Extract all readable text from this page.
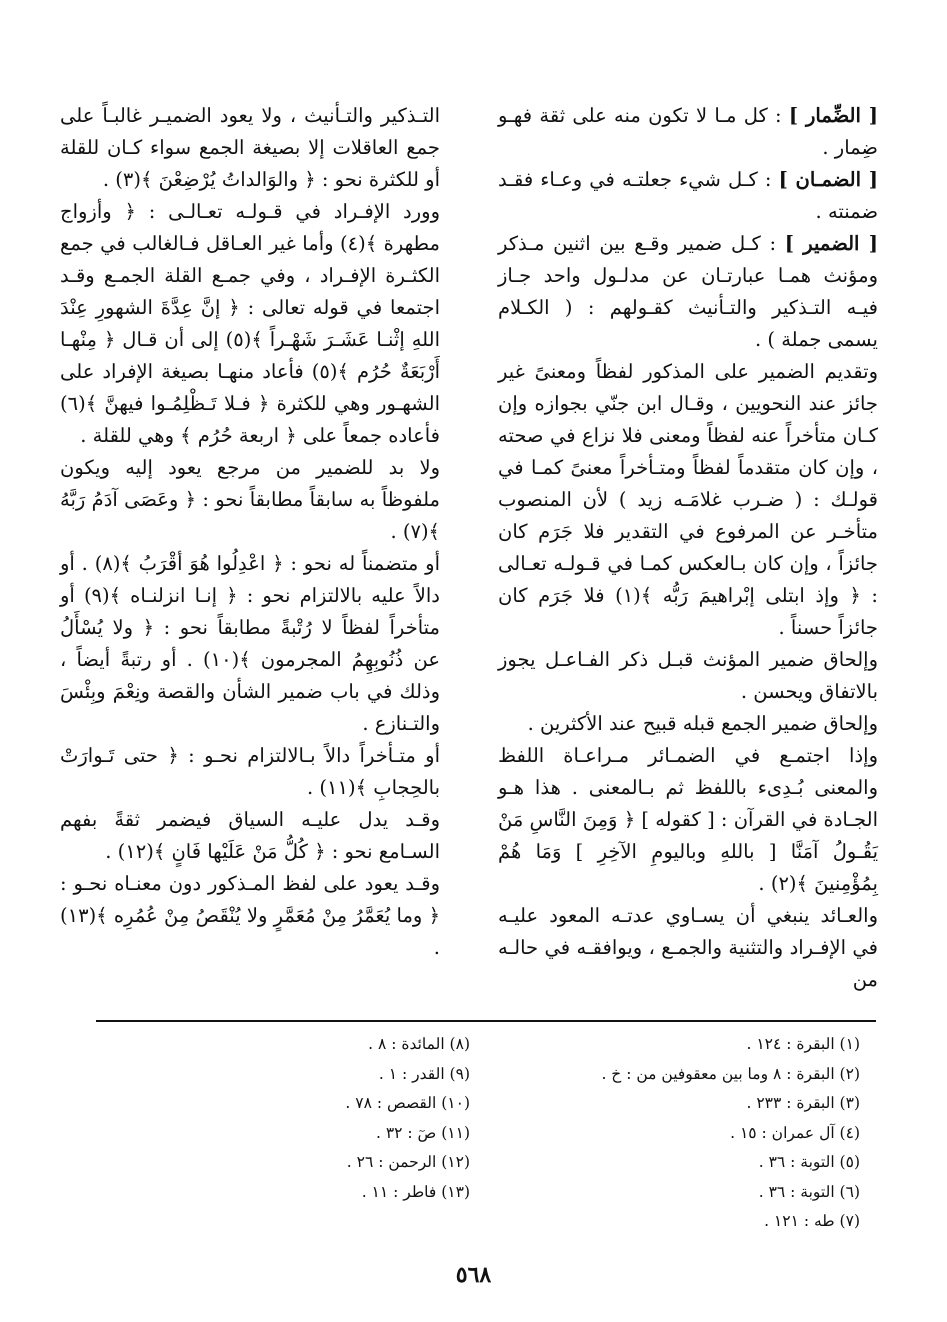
[ الضِّمار ] : كل مـا لا تكون منه على ثقة فهـو ضِمار .

[ الضمـان ] : كـل شيء جعلتـه في وعـاء فقـد ضمنته .

[ الضمير ] : كـل ضمير وقـع بين اثنين مـذكر ومؤنث همـا عبارتـان عن مدلـول واحد جـاز فيـه التـذكير والتـأنيث كقـولهم : ( الكـلام يسمى جملة ) .

وتقديم الضمير على المذكور لفظاً ومعنىً غير جائز عند النحويين ، وقـال ابن جنّي بجوازه وإن كـان متأخراً عنه لفظاً ومعنى فلا نزاع في صحته ، وإن كان متقدماً لفظاً ومتـأخراً معنىً كمـا في قولـك : ( ضـرب غلامَـه زيد ) لأن المنصوب متأخـر عن المرفوع في التقدير فلا جَرَم كان جائزاً ، وإن كان بـالعكس كمـا في قـولـه تعـالى : ﴿ وإذ ابتلى إبْراهيمَ رَبُّه ﴾(١) فلا جَرَم كان جائزاً حسناً .

وإلحاق ضمير المؤنث قبـل ذكر الفـاعـل يجوز بالاتفاق ويحسن .

وإلحاق ضمير الجمع قبله قبيح عند الأكثرين .

وإذا اجتمـع في الضمـائر مـراعـاة اللفظ والمعنى بُـدِىء باللفظ ثم بـالمعنى . هذا هـو الجـادة في القرآن : [ كقوله ] ﴿ وَمِنَ النَّاسِ مَنْ يَقُـولُ آمَنَّا [ باللهِ وباليومِ الآخِرِ ] وَمَا هُمْ بِمُؤْمِنينَ ﴾(٢) .

والعـائد ينبغي أن يسـاوي عدتـه المعود عليـه في الإفـراد والتثنية والجمـع ، ويوافقـه في حالـه من

التـذكير والتـأنيث ، ولا يعود الضميـر غالبـاً على جمع العاقلات إلا بصيغة الجمع سواء كـان للقلة أو للكثرة نحو : ﴿ والوَالداتُ يُرْضِعْنَ ﴾(٣) .

وورد الإفـراد في قـولـه تعـالـى : ﴿ وأزواج مطهرة ﴾(٤) وأما غير العـاقل فـالغالب في جمع الكثـرة الإفـراد ، وفي جمـع القلة الجمـع وقـد اجتمعا في قوله تعالى : ﴿ إنَّ عِدَّةَ الشهورِ عِنْدَ اللهِ إثْنـا عَشَـرَ شَهْـراً ﴾(٥) إلى أن قـال ﴿ مِنْهـا أَرْبَعَةٌ حُرُم ﴾(٥) فأعاد منهـا بصيغة الإفراد على الشهـور وهي للكثرة ﴿ فـلا تَـظْلِمُـوا فيهنَّ ﴾(٦) فأعاده جمعاً على ﴿ اربعة حُرُم ﴾ وهي للقلة .

ولا بد للضمير من مرجع يعود إليه ويكون ملفوظاً به سابقاً مطابقاً نحو : ﴿ وعَصَى آدَمُ رَبَّهُ ﴾(٧) .

أو متضمناً له نحو : ﴿ اعْدِلُوا هُوَ أقْرَبُ ﴾(٨) . أو دالاً عليه بالالتزام نحو : ﴿ إنـا انزلنـاه ﴾(٩) أو متأخراً لفظاً لا رُتْبةً مطابقاً نحو : ﴿ ولا يُسْأَلُ عن ذُنُوبِهِمُ المجرمون ﴾(١٠) . أو رتبةً أيضاً ، وذلك في باب ضمير الشأن والقصة ونِعْمَ وبِئْسَ والتـنازع .

أو متـأخراً دالاً بـالالتزام نحـو : ﴿ حتى تَـوارَتْ بالحِجابِ ﴾(١١) .

وقـد يدل عليـه السياق فيضمر ثقةً بفهم السـامع نحو : ﴿ كُلُّ مَنْ عَلَيْها فَانٍ ﴾(١٢) .

وقـد يعود على لفظ المـذكور دون معنـاه نحـو : ﴿ وما يُعَمَّرُ مِنْ مُعَمَّرٍ ولا يُنْقَصُ مِنْ عُمُرِه ﴾(١٣) .

(١) البقرة : ١٢٤ .
(٢) البقرة : ٨ وما بين معقوفين من : خ .
(٣) البقرة : ٢٣٣ .
(٤) آل عمران : ١٥ .
(٥) التوبة : ٣٦ .
(٦) التوبة : ٣٦ .
(٧) طه : ١٢١ .
(٨) المائدة : ٨ .
(٩) القدر : ١ .
(١٠) القصص : ٧٨ .
(١١) صٓ : ٣٢ .
(١٢) الرحمن : ٢٦ .
(١٣) فاطر : ١١ .
٥٦٨
